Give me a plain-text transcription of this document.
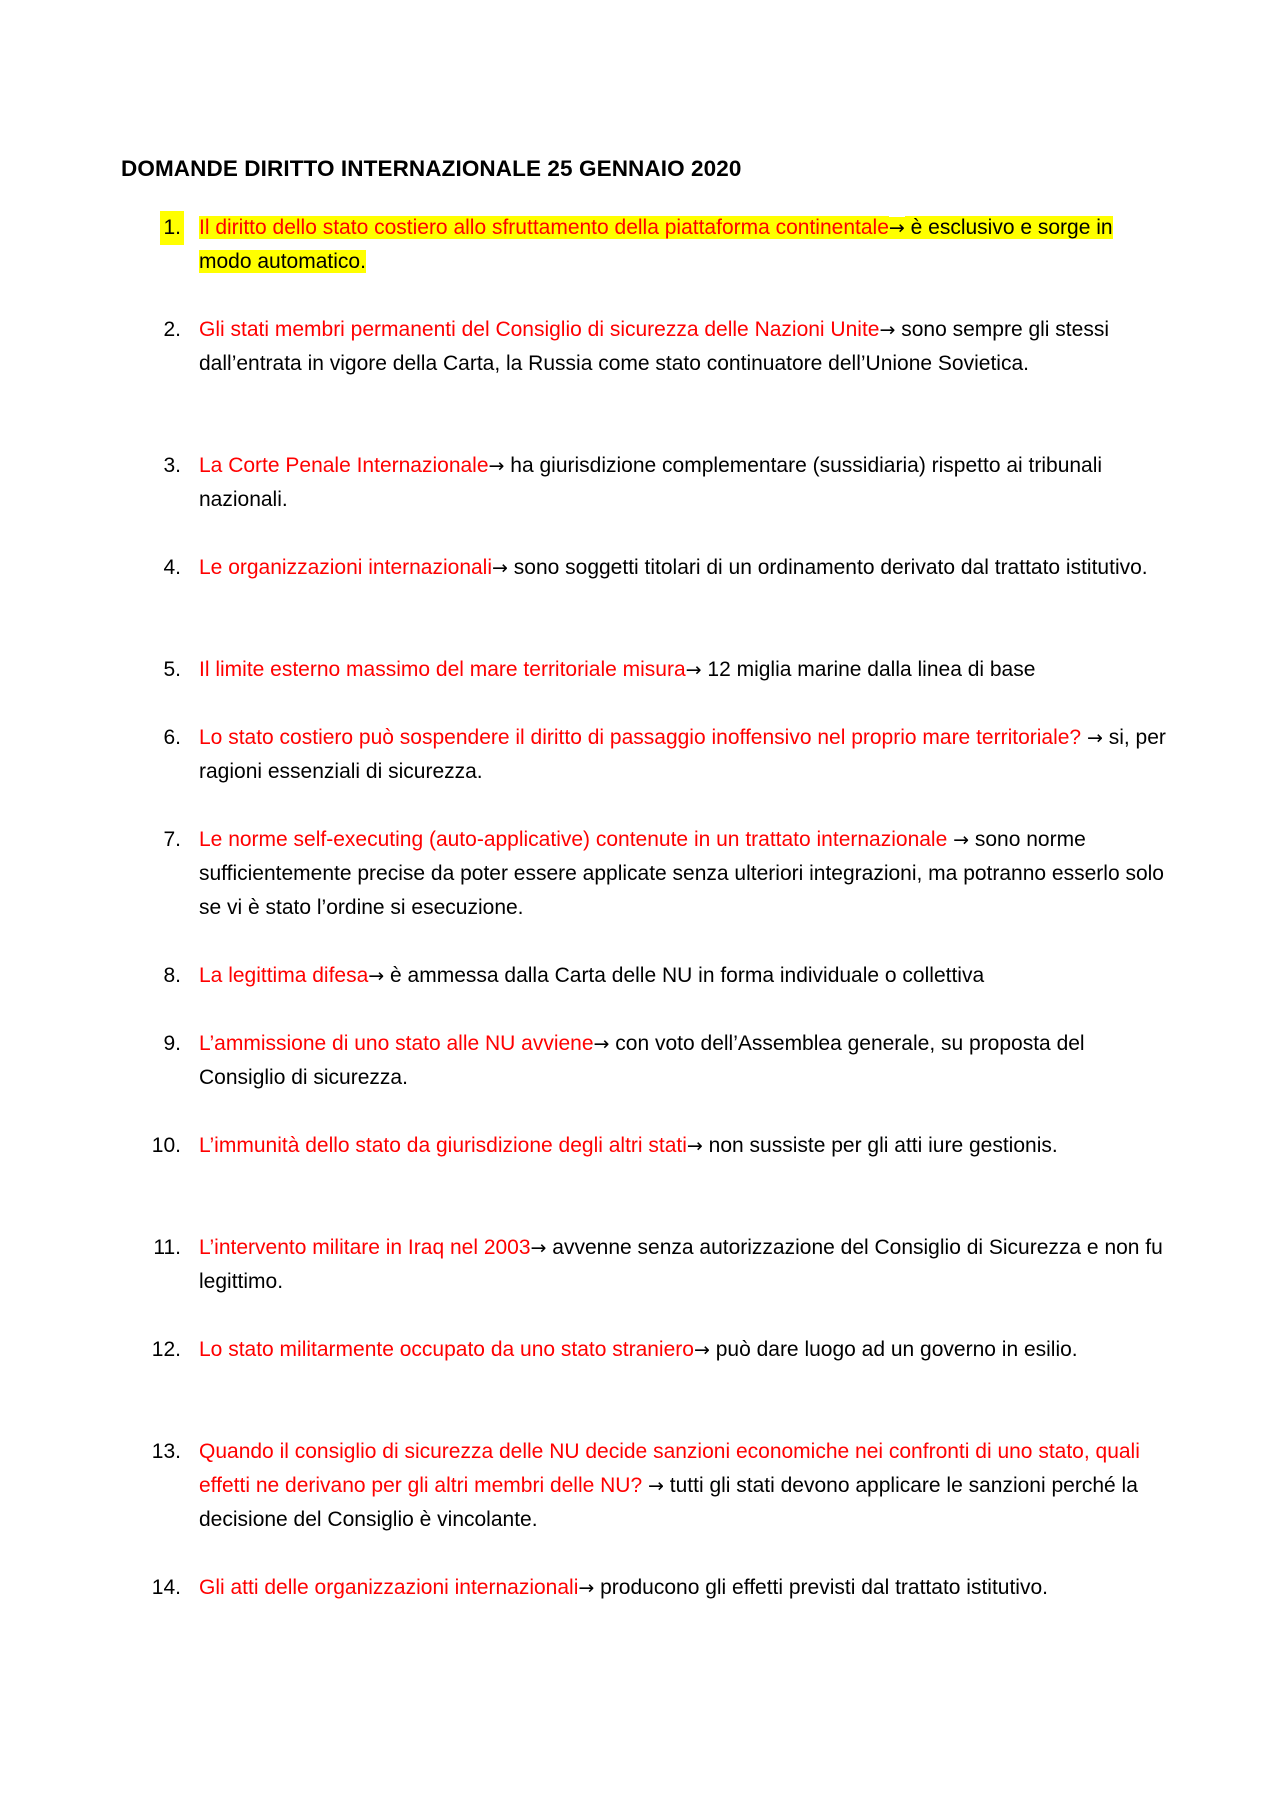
DOMANDE DIRITTO INTERNAZIONALE 25 GENNAIO 2020
1. Il diritto dello stato costiero allo sfruttamento della piattaforma continentale→ è esclusivo e sorge in modo automatico.
2. Gli stati membri permanenti del Consiglio di sicurezza delle Nazioni Unite→ sono sempre gli stessi dall’entrata in vigore della Carta, la Russia come stato continuatore dell’Unione Sovietica.
3. La Corte Penale Internazionale→ ha giurisdizione complementare (sussidiaria) rispetto ai tribunali nazionali.
4. Le organizzazioni internazionali→ sono soggetti titolari di un ordinamento derivato dal trattato istitutivo.
5. Il limite esterno massimo del mare territoriale misura→ 12 miglia marine dalla linea di base
6. Lo stato costiero può sospendere il diritto di passaggio inoffensivo nel proprio mare territoriale? → si, per ragioni essenziali di sicurezza.
7. Le norme self-executing (auto-applicative) contenute in un trattato internazionale → sono norme sufficientemente precise da poter essere applicate senza ulteriori integrazioni, ma potranno esserlo solo se vi è stato l’ordine si esecuzione.
8. La legittima difesa→ è ammessa dalla Carta delle NU in forma individuale o collettiva
9. L’ammissione di uno stato alle NU avviene→ con voto dell’Assemblea generale, su proposta del Consiglio di sicurezza.
10. L’immunità dello stato da giurisdizione degli altri stati→ non sussiste per gli atti iure gestionis.
11. L’intervento militare in Iraq nel 2003→ avvenne senza autorizzazione del Consiglio di Sicurezza e non fu legittimo.
12. Lo stato militarmente occupato da uno stato straniero→ può dare luogo ad un governo in esilio.
13. Quando il consiglio di sicurezza delle NU decide sanzioni economiche nei confronti di uno stato, quali effetti ne derivano per gli altri membri delle NU? → tutti gli stati devono applicare le sanzioni perché la decisione del Consiglio è vincolante.
14. Gli atti delle organizzazioni internazionali→ producono gli effetti previsti dal trattato istitutivo.
